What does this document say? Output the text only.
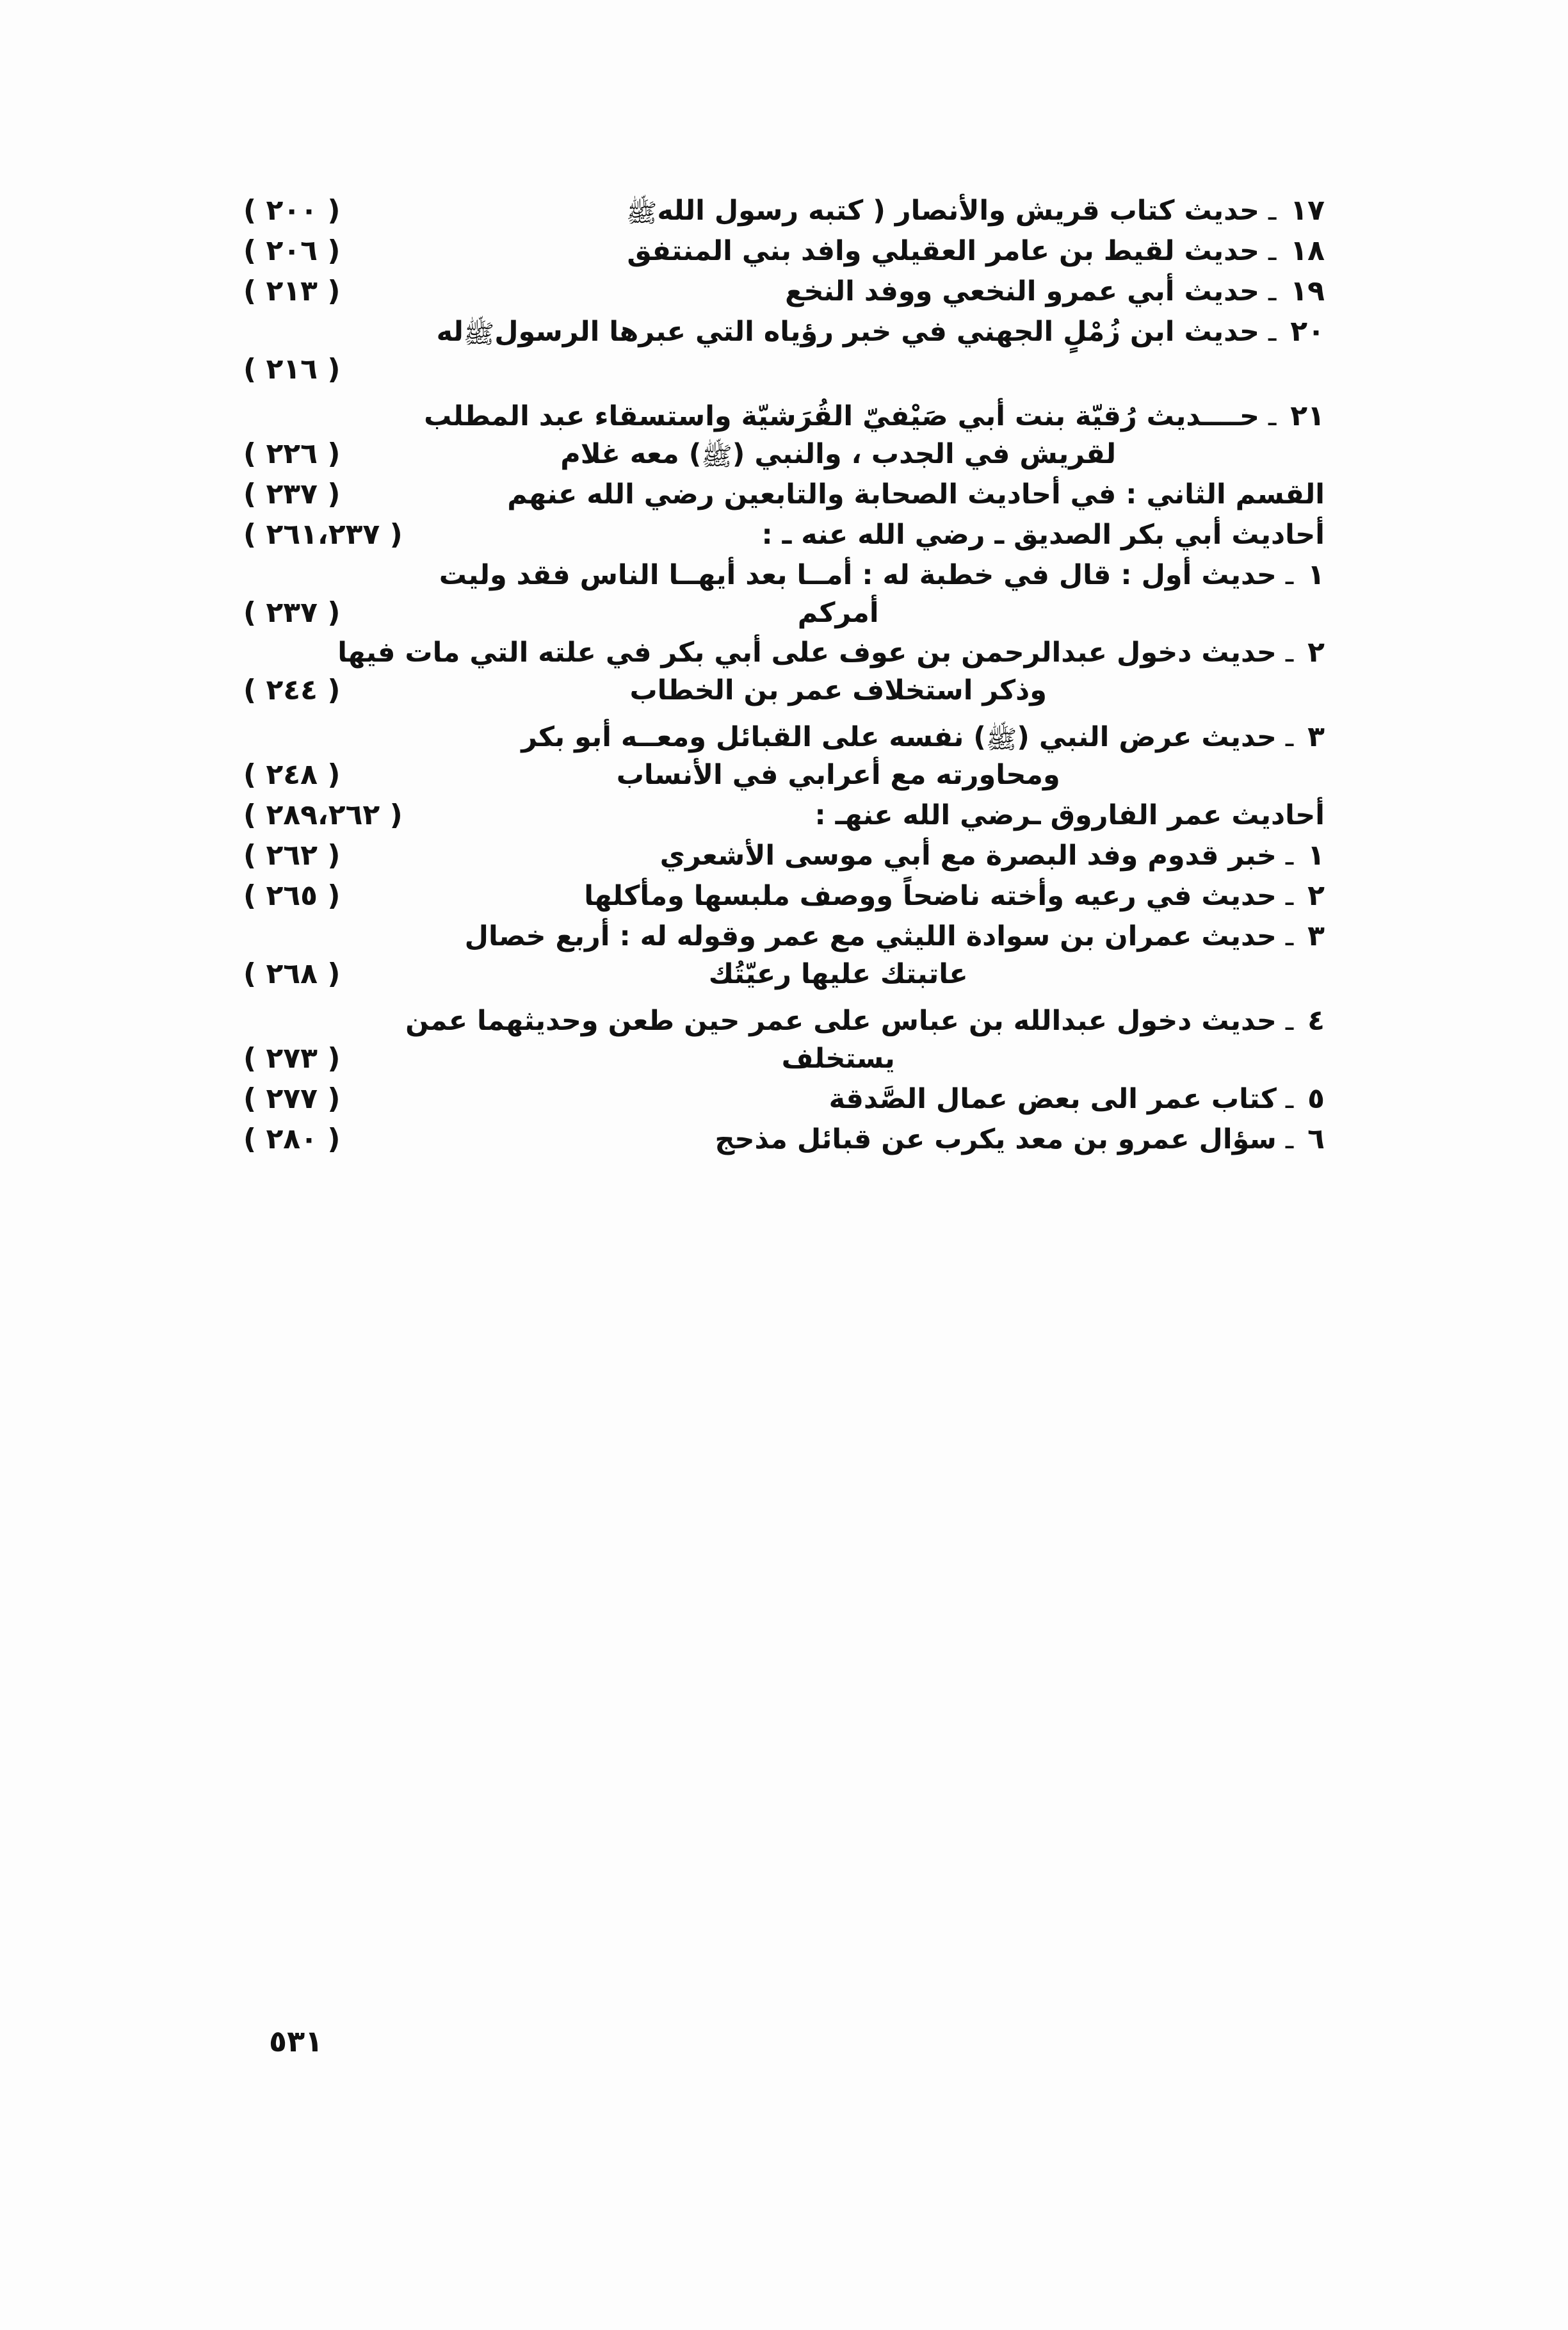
١٧
ـ
حديث كتاب قريش والأنصار ( كتبه رسول الله
ﷺ
( ٢٠٠ )
١٨
ـ
حديث لقيط بن عامر العقيلي وافد بني المنتفق
( ٢٠٦ )
١٩
ـ
حديث أبي عمرو النخعي ووفد النخع
( ٢١٣ )
٢٠
ـ
حديث ابن زُمْلٍ الجهني في خبر رؤياه التي عبرها الرسول
ﷺ
له
( ٢١٦ )
٢١
ـ
حــــديث رُقيّة بنت أبي صَيْفيّ القُرَشيّة واستسقاء عبد المطلب
لقريش في الجدب ، والنبي (
ﷺ
) معه غلام
( ٢٢٦ )
القسم الثاني : في أحاديث الصحابة والتابعين رضي الله عنهم
( ٢٣٧ )
أحاديث أبي بكر الصديق ـ رضي الله عنه ـ :
( ٢٦١،٢٣٧ )
١
ـ
حديث أول : قال في خطبة له : أمــا بعد أيهــا الناس فقد وليت
أمركم
( ٢٣٧ )
٢
ـ
حديث دخول عبدالرحمن بن عوف على أبي بكر في علته التي مات فيها
وذكر استخلاف عمر بن الخطاب
( ٢٤٤ )
٣
ـ
حديث عرض النبي (
ﷺ
) نفسه على القبائل ومعــه أبو بكر
ومحاورته مع أعرابي في الأنساب
( ٢٤٨ )
أحاديث عمر الفاروق ـرضي الله عنهـ :
( ٢٨٩،٢٦٢ )
١
ـ
خبر قدوم وفد البصرة مع أبي موسى الأشعري
( ٢٦٢ )
٢
ـ
حديث في رعيه وأخته ناضحاً ووصف ملبسها ومأكلها
( ٢٦٥ )
٣
ـ
حديث عمران بن سوادة الليثي مع عمر وقوله له : أربع خصال
عاتبتك عليها رعيّتُك
( ٢٦٨ )
٤
ـ
حديث دخول عبدالله بن عباس على عمر حين طعن وحديثهما عمن
يستخلف
( ٢٧٣ )
٥
ـ
كتاب عمر الى بعض عمال الصَّدقة
( ٢٧٧ )
٦
ـ
سؤال عمرو بن معد يكرب عن قبائل مذحج
( ٢٨٠ )
٥٣١
